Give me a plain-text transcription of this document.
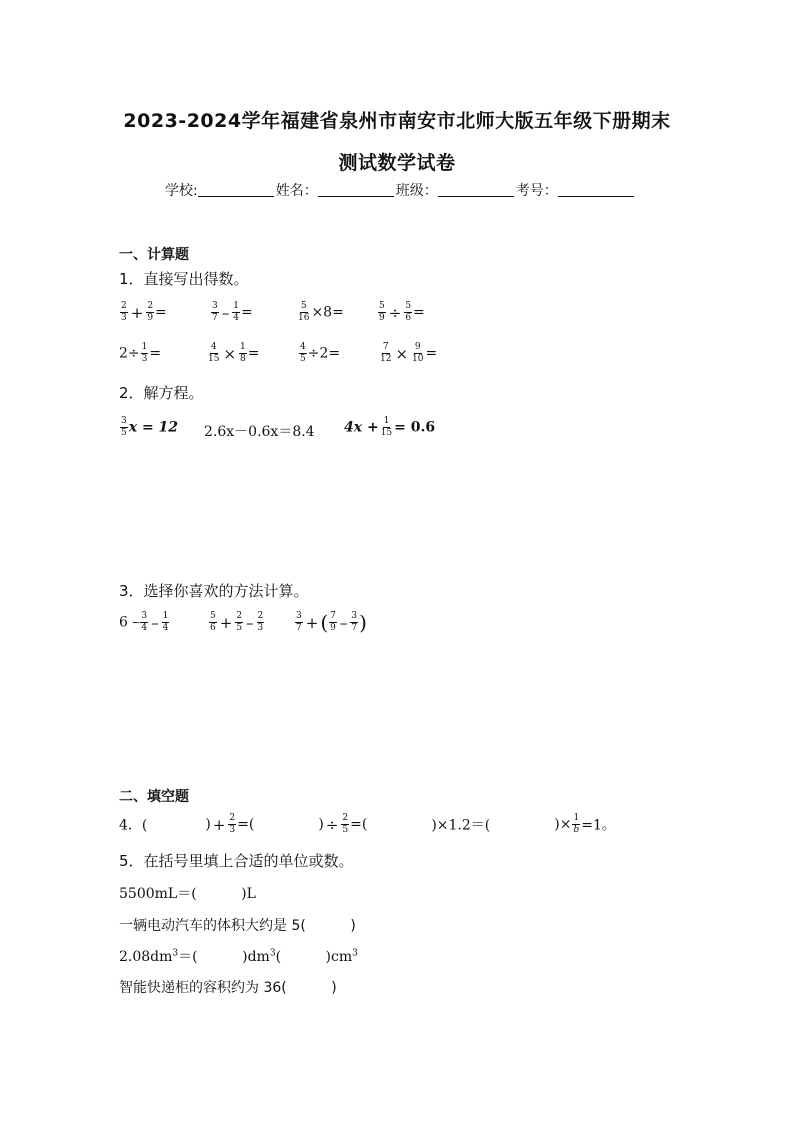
2023-2024学年福建省泉州市南安市北师大版五年级下册期末
测试数学试卷
学校:	姓名：	班级：	考号：
一、计算题
1．直接写出得数。
$\frac{2}{3} + \frac{2}{9}$ =	$\frac{3}{7} - \frac{1}{4}$ =	$\frac{5}{16} \times 8=$	$\frac{5}{9} \div \frac{5}{6}$ =
$2\div \frac{1}{3}$ =	$\frac{4}{15} \times \frac{1}{8}$ =	$\frac{4}{5} \div 2=$	$\frac{7}{12} \times \frac{9}{10}$ =
2．解方程。
$\frac{3}{5}$ x = 12 2.6x－0.6x＝8.4 $4x + \frac{1}{15} = 0.6$
3．选择你喜欢的方法计算。
$6 - \frac{3}{4} - \frac{1}{4}$	$\frac{5}{6} + \frac{2}{5} - \frac{2}{3}$	$\frac{3}{7}$ + ( $\frac{7}{9} - \frac{3}{7}$ )
二、填空题
4．(	) + $\frac{2}{3}$ =(	) ÷ $\frac{2}{5}$ =(	)×1.2＝(	)× $\frac{1}{b} =1$。
5．在括号里填上合适的单位或数。
5500mL＝(          )L
一辆电动汽车的体积大约是 5(          )
$2.08dm^3=$(          )$dm^3$(          )$cm^3$
智能快递柜的容积约为 36(          )
